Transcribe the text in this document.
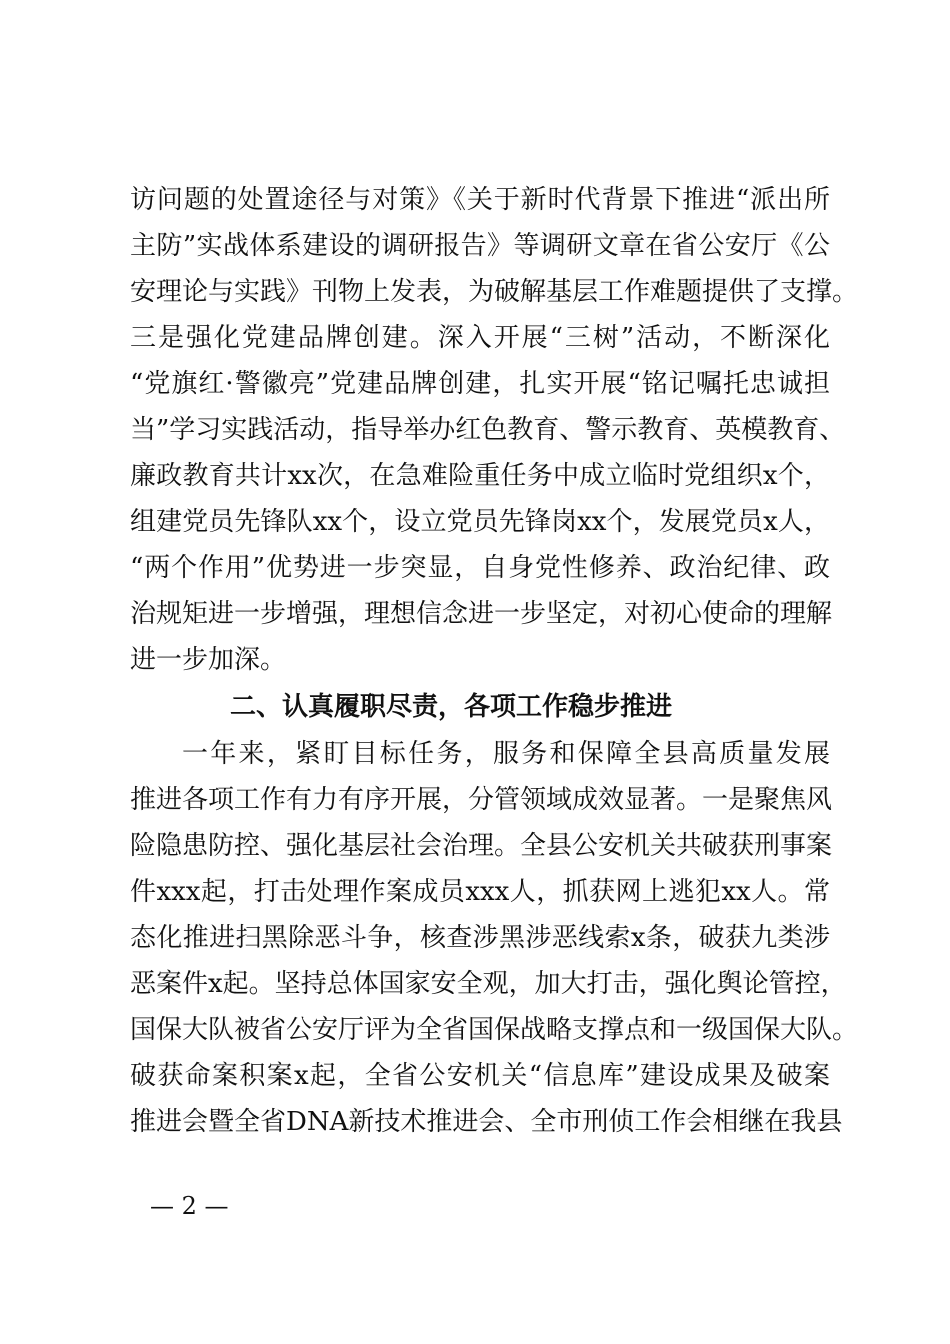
访问题的处置途径与对策》《关于新时代背景下推进“派出所
主防”实战体系建设的调研报告》等调研文章在省公安厅《公
安理论与实践》刊物上发表，为破解基层工作难题提供了支撑。
三是强化党建品牌创建。深入开展“三树”活动，不断深化
“党旗红·警徽亮”党建品牌创建，扎实开展“铭记嘱托忠诚担
当”学习实践活动，指导举办红色教育、警示教育、英模教育、
廉政教育共计xx次，在急难险重任务中成立临时党组织x个，
组建党员先锋队xx个，设立党员先锋岗xx个，发展党员x人，
“两个作用”优势进一步突显，自身党性修养、政治纪律、政
治规矩进一步增强，理想信念进一步坚定，对初心使命的理解
进一步加深。
二、认真履职尽责，各项工作稳步推进
一年来，紧盯目标任务，服务和保障全县高质量发展
推进各项工作有力有序开展，分管领域成效显著。一是聚焦风
险隐患防控、强化基层社会治理。全县公安机关共破获刑事案
件xxx起，打击处理作案成员xxx人，抓获网上逃犯xx人。常
态化推进扫黑除恶斗争，核查涉黑涉恶线索x条，破获九类涉
恶案件x起。坚持总体国家安全观，加大打击，强化舆论管控，
国保大队被省公安厅评为全省国保战略支撑点和一级国保大队。
破获命案积案x起，全省公安机关“信息库”建设成果及破案
推进会暨全省DNA新技术推进会、全市刑侦工作会相继在我县
— 2 —
